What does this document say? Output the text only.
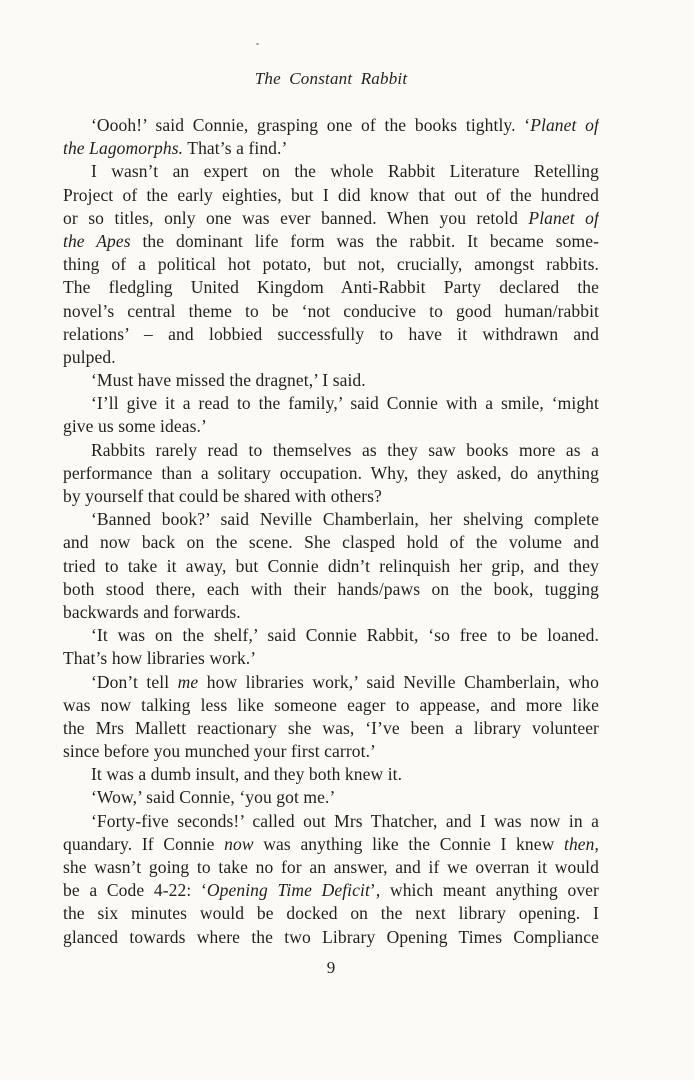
The Constant Rabbit
‘Oooh!’ said Connie, grasping one of the books tightly. ‘Planet of
the Lagomorphs. That’s a find.’
I wasn’t an expert on the whole Rabbit Literature Retelling
Project of the early eighties, but I did know that out of the hundred
or so titles, only one was ever banned. When you retold Planet of
the Apes the dominant life form was the rabbit. It became some-
thing of a political hot potato, but not, crucially, amongst rabbits.
The fledgling United Kingdom Anti-Rabbit Party declared the
novel’s central theme to be ‘not conducive to good human/rabbit
relations’ – and lobbied successfully to have it withdrawn and
pulped.
‘Must have missed the dragnet,’ I said.
‘I’ll give it a read to the family,’ said Connie with a smile, ‘might
give us some ideas.’
Rabbits rarely read to themselves as they saw books more as a
performance than a solitary occupation. Why, they asked, do anything
by yourself that could be shared with others?
‘Banned book?’ said Neville Chamberlain, her shelving complete
and now back on the scene. She clasped hold of the volume and
tried to take it away, but Connie didn’t relinquish her grip, and they
both stood there, each with their hands/paws on the book, tugging
backwards and forwards.
‘It was on the shelf,’ said Connie Rabbit, ‘so free to be loaned.
That’s how libraries work.’
‘Don’t tell me how libraries work,’ said Neville Chamberlain, who
was now talking less like someone eager to appease, and more like
the Mrs Mallett reactionary she was, ‘I’ve been a library volunteer
since before you munched your first carrot.’
It was a dumb insult, and they both knew it.
‘Wow,’ said Connie, ‘you got me.’
‘Forty-five seconds!’ called out Mrs Thatcher, and I was now in a
quandary. If Connie now was anything like the Connie I knew then,
she wasn’t going to take no for an answer, and if we overran it would
be a Code 4-22: ‘Opening Time Deficit’, which meant anything over
the six minutes would be docked on the next library opening. I
glanced towards where the two Library Opening Times Compliance
9
